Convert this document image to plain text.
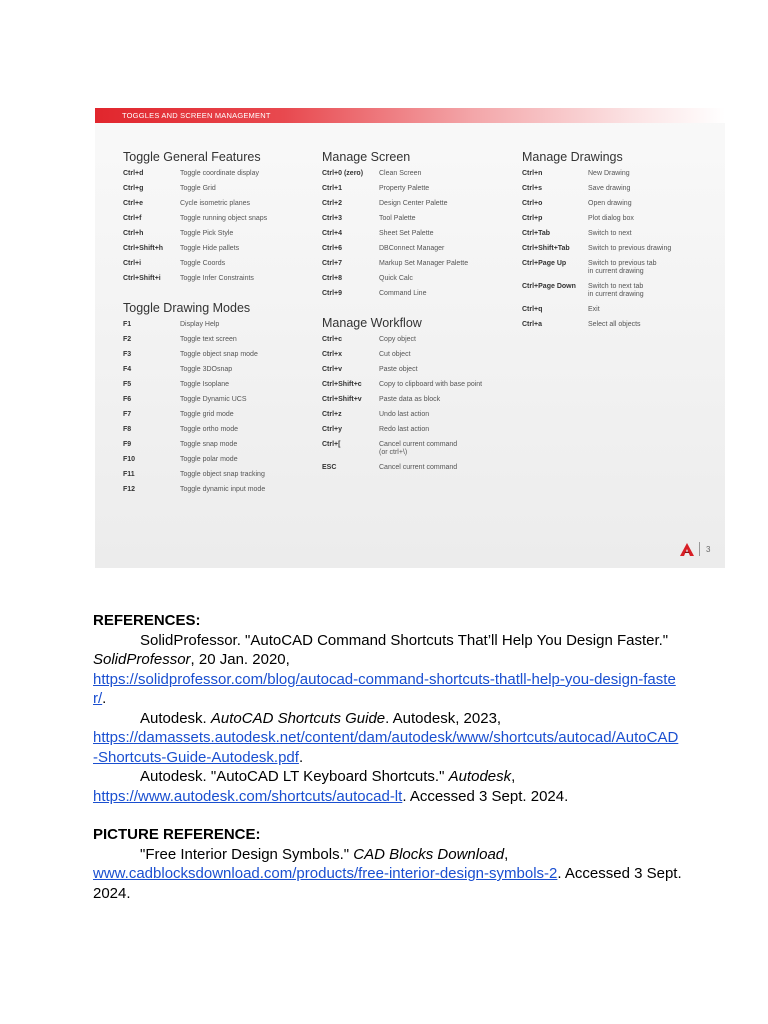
TOGGLES AND SCREEN MANAGEMENT
Toggle General Features
Ctrl+d	Toggle coordinate display
Ctrl+g	Toggle Grid
Ctrl+e	Cycle isometric planes
Ctrl+f	Toggle running object snaps
Ctrl+h	Toggle Pick Style
Ctrl+Shift+h	Toggle Hide pallets
Ctrl+i	Toggle Coords
Ctrl+Shift+i	Toggle Infer Constraints
Toggle Drawing Modes
F1	Display Help
F2	Toggle text screen
F3	Toggle object snap mode
F4	Toggle 3DOsnap
F5	Toggle Isoplane
F6	Toggle Dynamic UCS
F7	Toggle grid mode
F8	Toggle ortho mode
F9	Toggle snap mode
F10	Toggle polar mode
F11	Toggle object snap tracking
F12	Toggle dynamic input mode
Manage Screen
Ctrl+0 (zero)	Clean Screen
Ctrl+1	Property Palette
Ctrl+2	Design Center Palette
Ctrl+3	Tool Palette
Ctrl+4	Sheet Set Palette
Ctrl+6	DBConnect Manager
Ctrl+7	Markup Set Manager Palette
Ctrl+8	Quick Calc
Ctrl+9	Command Line
Manage Workflow
Ctrl+c	Copy object
Ctrl+x	Cut object
Ctrl+v	Paste object
Ctrl+Shift+c	Copy to clipboard with base point
Ctrl+Shift+v	Paste data as block
Ctrl+z	Undo last action
Ctrl+y	Redo last action
Ctrl+[	Cancel current command
(or ctrl+\)
ESC	Cancel current command
Manage Drawings
Ctrl+n	New Drawing
Ctrl+s	Save drawing
Ctrl+o	Open drawing
Ctrl+p	Plot dialog box
Ctrl+Tab	Switch to next
Ctrl+Shift+Tab	Switch to previous drawing
Ctrl+Page Up	Switch to previous tab
in current drawing
Ctrl+Page Down	Switch to next tab
in current drawing
Ctrl+q	Exit
Ctrl+a	Select all objects
3

REFERENCES:

SolidProfessor. "AutoCAD Command Shortcuts That’ll Help You Design Faster." SolidProfessor, 20 Jan. 2020,

https://solidprofessor.com/blog/autocad-command-shortcuts-thatll-help-you-design-faster/.

Autodesk. AutoCAD Shortcuts Guide. Autodesk, 2023,

https://damassets.autodesk.net/content/dam/autodesk/www/shortcuts/autocad/AutoCAD-Shortcuts-Guide-Autodesk.pdf.

Autodesk. "AutoCAD LT Keyboard Shortcuts." Autodesk,

https://www.autodesk.com/shortcuts/autocad-lt. Accessed 3 Sept. 2024.

PICTURE REFERENCE:

"Free Interior Design Symbols." CAD Blocks Download,

www.cadblocksdownload.com/products/free-interior-design-symbols-2. Accessed 3 Sept. 2024.
